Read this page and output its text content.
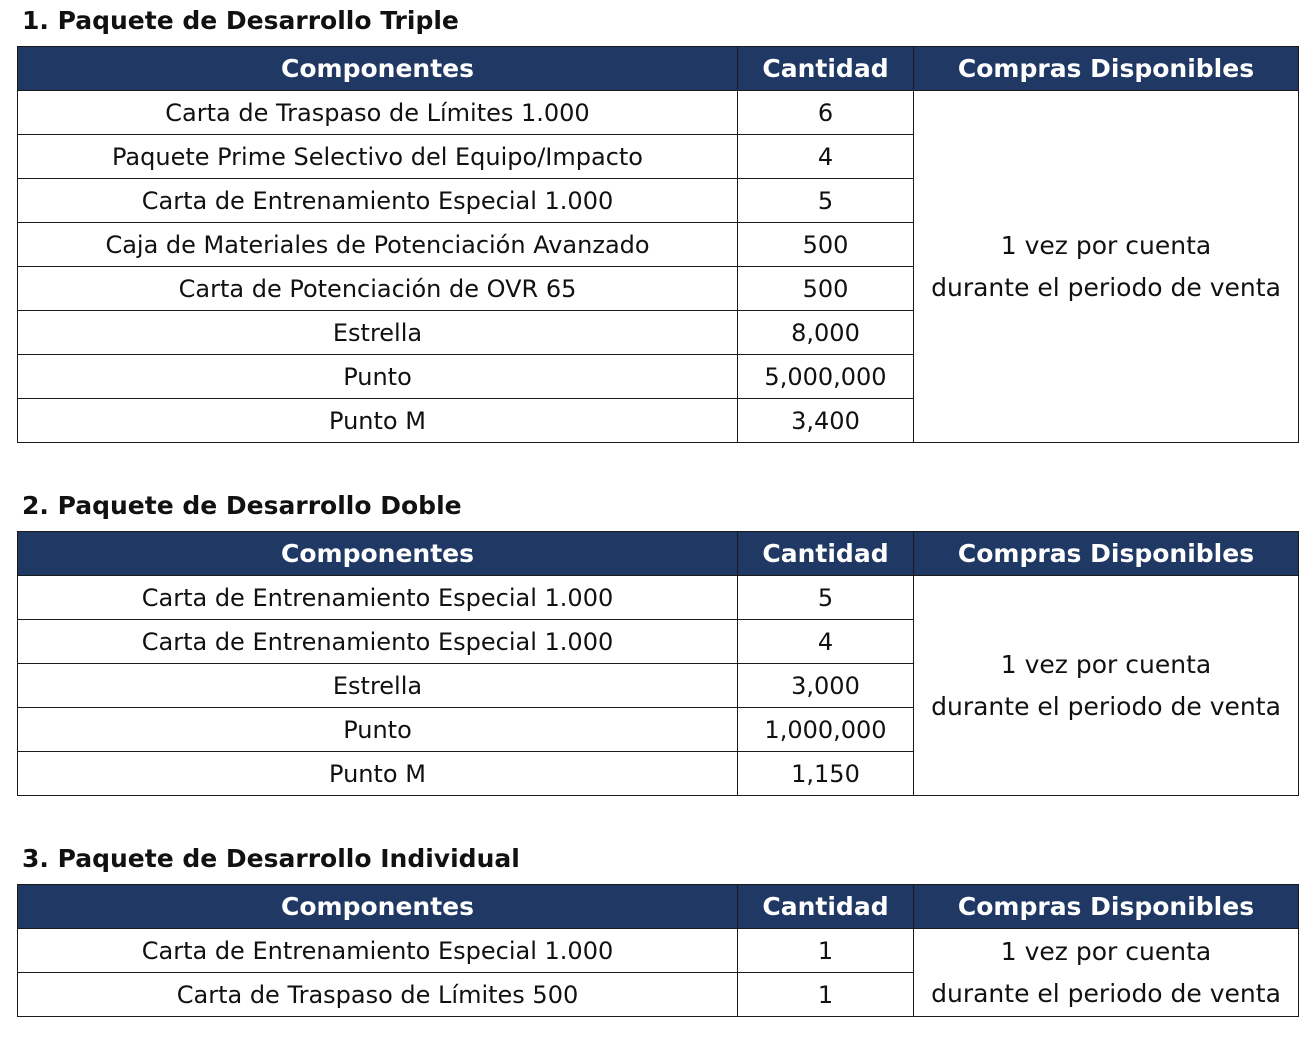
1. Paquete de Desarrollo Triple
Componentes	Cantidad	Compras Disponibles
Carta de Traspaso de Límites 1.000	6	1 vez por cuenta
durante el periodo de venta

Paquete Prime Selectivo del Equipo/Impacto	4	
Carta de Entrenamiento Especial 1.000	5	
Caja de Materiales de Potenciación Avanzado	500	
Carta de Potenciación de OVR 65	500	
Estrella	8,000	
Punto	5,000,000	
Punto M	3,400	
2. Paquete de Desarrollo Doble
Componentes	Cantidad	Compras Disponibles
Carta de Entrenamiento Especial 1.000	5	1 vez por cuenta
durante el periodo de venta

Carta de Entrenamiento Especial 1.000	4	
Estrella	3,000	
Punto	1,000,000	
Punto M	1,150	
3. Paquete de Desarrollo Individual
Componentes	Cantidad	Compras Disponibles
Carta de Entrenamiento Especial 1.000	1	1 vez por cuenta
durante el periodo de venta

Carta de Traspaso de Límites 500	1	
